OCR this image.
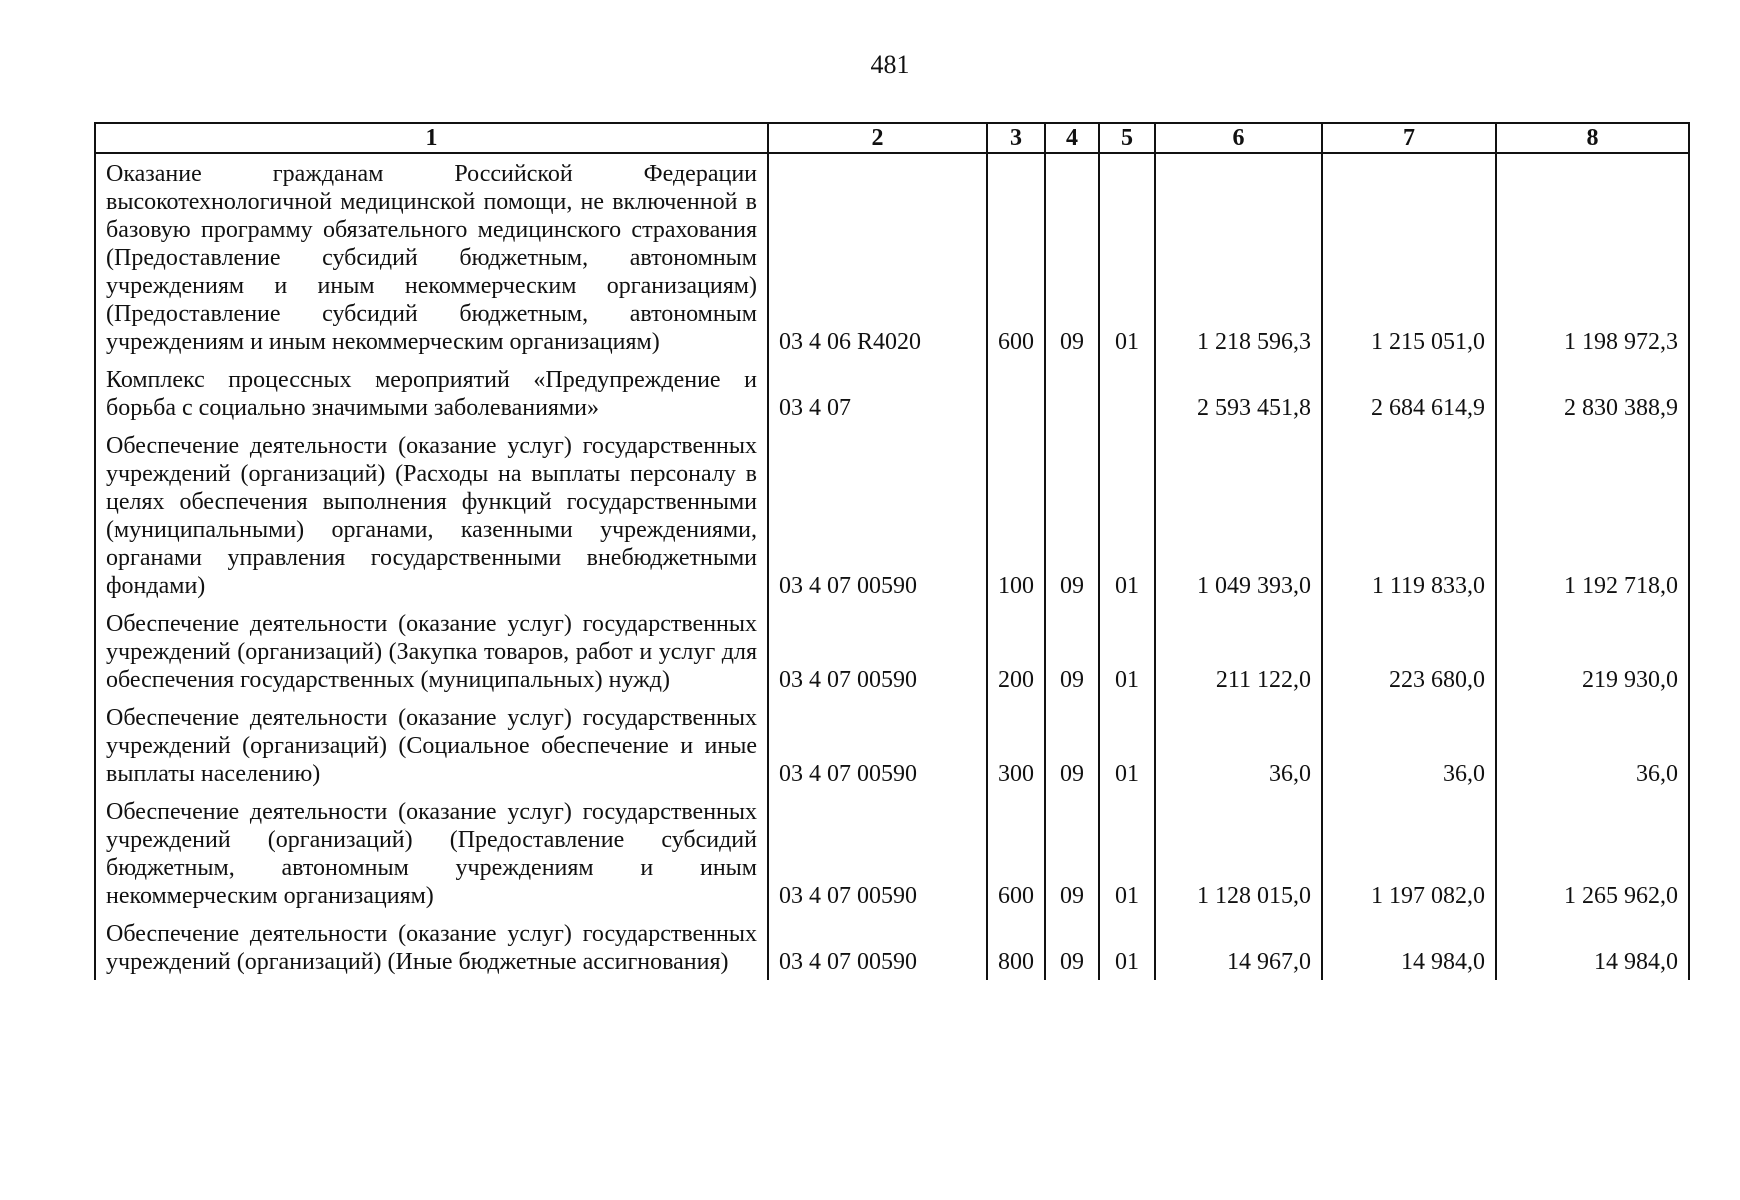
481
1	2	3	4	5	6	7	8
Оказание гражданам Российской Федерации высокотехнологичной медицинской помощи, не включенной в базовую программу обязательного медицинского страхования (Предоставление субсидий бюджетным, автономным учреждениям и иным некоммерческим организациям) (Предоставление субсидий бюджетным, автономным учреждениям и иным некоммерческим организациям)	03 4 06 R4020	600	09	01	1 218 596,3	1 215 051,0	1 198 972,3
Комплекс процессных мероприятий «Предупреждение и борьба с социально значимыми заболеваниями»	03 4 07				2 593 451,8	2 684 614,9	2 830 388,9
Обеспечение деятельности (оказание услуг) государственных учреждений (организаций) (Расходы на выплаты персоналу в целях обеспечения выполнения функций государственными (муниципальными) органами, казенными учреждениями, органами управления государственными внебюджетными фондами)	03 4 07 00590	100	09	01	1 049 393,0	1 119 833,0	1 192 718,0
Обеспечение деятельности (оказание услуг) государственных учреждений (организаций) (Закупка товаров, работ и услуг для обеспечения государственных (муниципальных) нужд)	03 4 07 00590	200	09	01	211 122,0	223 680,0	219 930,0
Обеспечение деятельности (оказание услуг) государственных учреждений (организаций) (Социальное обеспечение и иные выплаты населению)	03 4 07 00590	300	09	01	36,0	36,0	36,0
Обеспечение деятельности (оказание услуг) государственных учреждений (организаций) (Предоставление субсидий бюджетным, автономным учреждениям и иным некоммерческим организациям)	03 4 07 00590	600	09	01	1 128 015,0	1 197 082,0	1 265 962,0
Обеспечение деятельности (оказание услуг) государственных учреждений (организаций) (Иные бюджетные ассигнования)	03 4 07 00590	800	09	01	14 967,0	14 984,0	14 984,0
